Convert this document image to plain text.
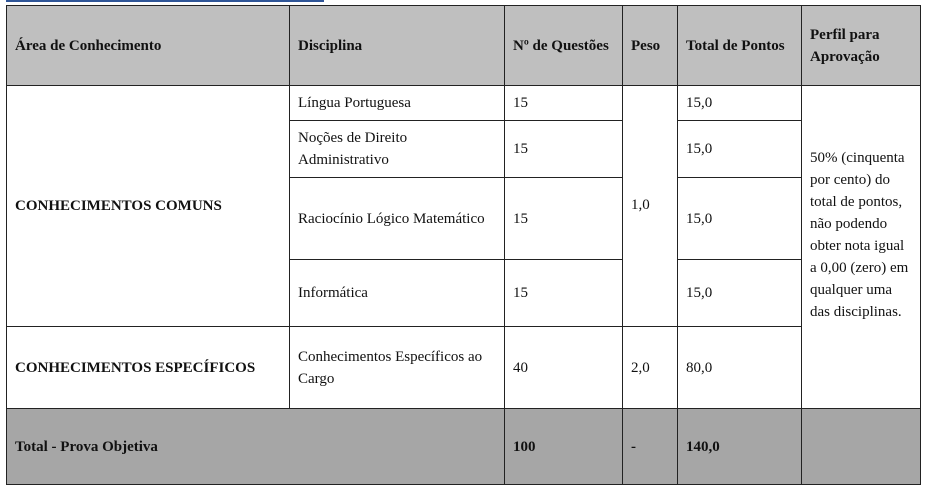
Área de Conhecimento	Disciplina	Nº de Questões	Peso	Total de Pontos	Perfil para Aprovação
CONHECIMENTOS COMUNS	Língua Portuguesa	15	1,0	15,0	50% (cinquenta por cento) do total de pontos, não podendo obter nota igual a 0,00 (zero) em qualquer uma das disciplinas.
	Noções de Direito Administrativo	15		15,0	
	Raciocínio Lógico Matemático	15		15,0	
	Informática	15		15,0	
CONHECIMENTOS ESPECÍFICOS	Conhecimentos Específicos ao Cargo	40	2,0	80,0	
Total - Prova Objetiva		100	-	140,0	
